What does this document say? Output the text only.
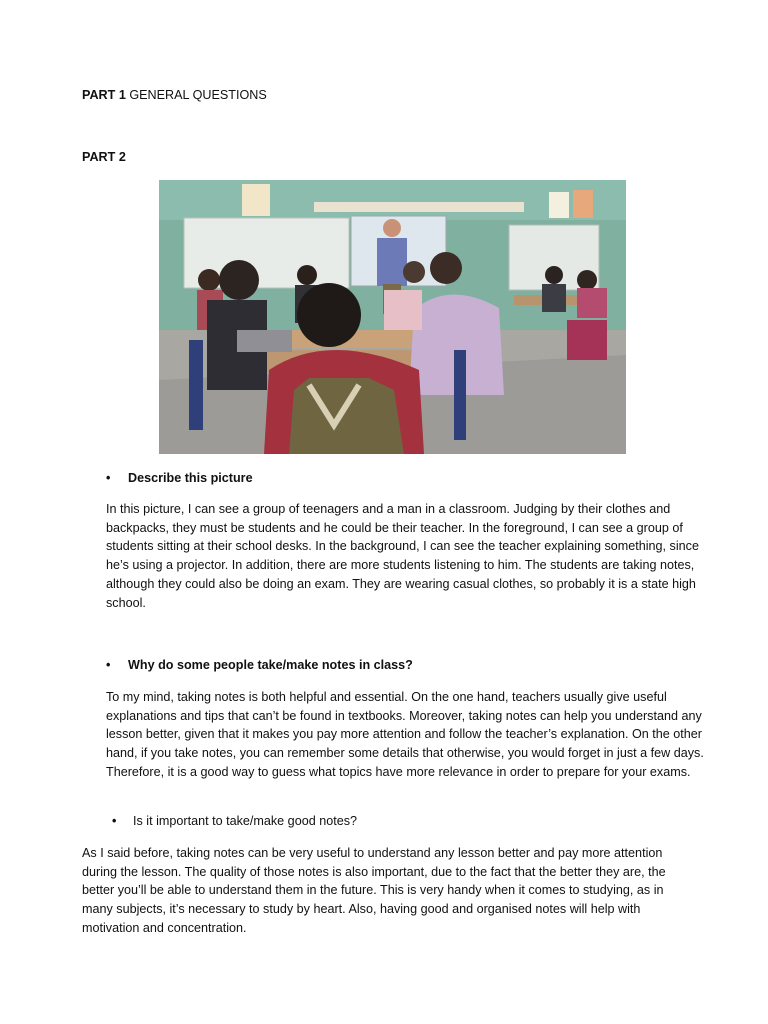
PART 1 GENERAL QUESTIONS
PART 2
• Describe this picture

In this picture, I can see a group of teenagers and a man in a classroom. Judging by their clothes and backpacks, they must be students and he could be their teacher. In the foreground, I can see a group of students sitting at their school desks. In the background, I can see the teacher explaining something, since he’s using a projector. In addition, there are more students listening to him. The students are taking notes, although they could also be doing an exam. They are wearing casual clothes, so probably it is a state high school.

• Why do some people take/make notes in class?

To my mind, taking notes is both helpful and essential. On the one hand, teachers usually give useful explanations and tips that can’t be found in textbooks. Moreover, taking notes can help you understand any lesson better, given that it makes you pay more attention and follow the teacher’s explanation. On the other hand, if you take notes, you can remember some details that otherwise, you would forget in just a few days. Therefore, it is a good way to guess what topics have more relevance in order to prepare for your exams.

• Is it important to take/make good notes?

As I said before, taking notes can be very useful to understand any lesson better and pay more attention during the lesson. The quality of those notes is also important, due to the fact that the better they are, the better you’ll be able to understand them in the future. This is very handy when it comes to studying, as in many subjects, it’s necessary to study by heart. Also, having good and organised notes will help with motivation and concentration.
